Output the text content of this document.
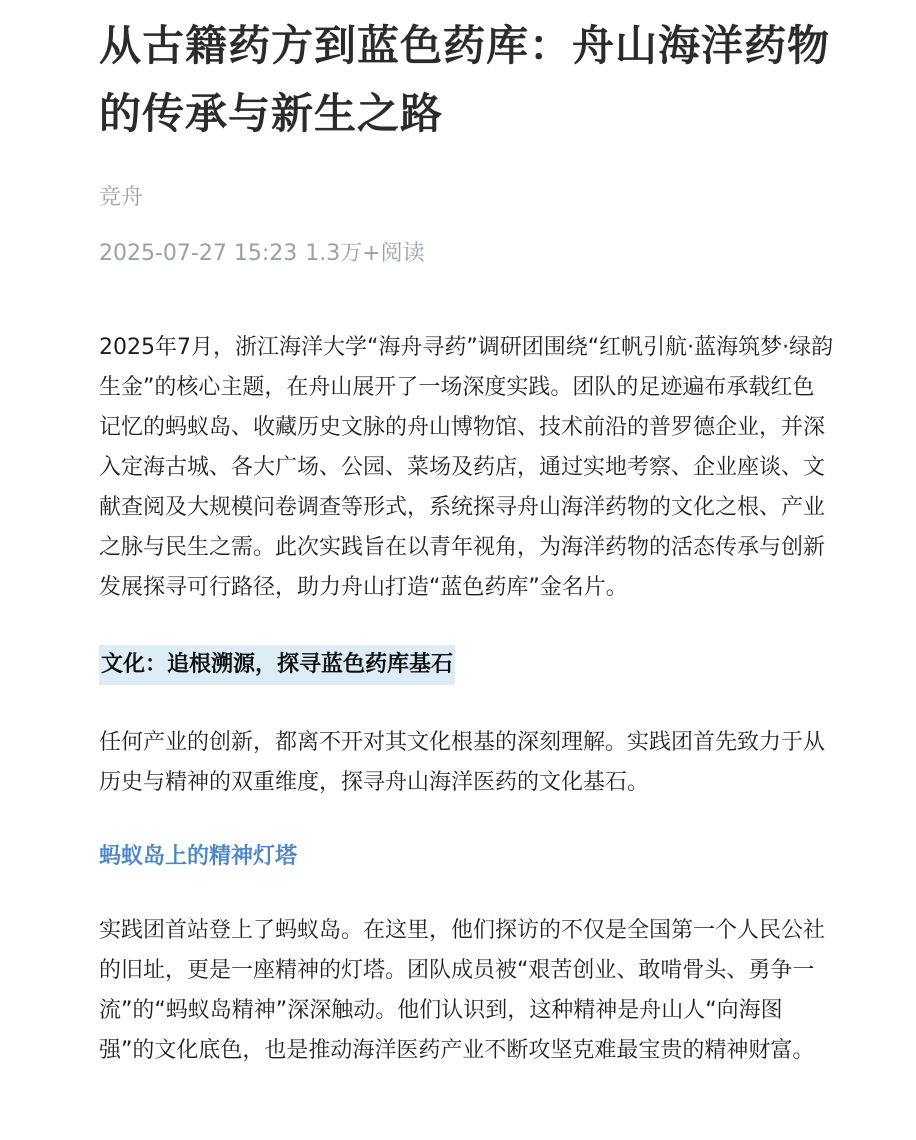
从古籍药方到蓝色药库：舟山海洋药物的传承与新生之路
竞舟
2025-07-27 15:23 1.3万+阅读

2025年7月，浙江海洋大学“海舟寻药”调研团围绕“红帆引航·蓝海筑梦·绿韵生金”的核心主题，在舟山展开了一场深度实践。团队的足迹遍布承载红色记忆的蚂蚁岛、收藏历史文脉的舟山博物馆、技术前沿的普罗德企业，并深入定海古城、各大广场、公园、菜场及药店，通过实地考察、企业座谈、文献查阅及大规模问卷调查等形式，系统探寻舟山海洋药物的文化之根、产业之脉与民生之需。此次实践旨在以青年视角，为海洋药物的活态传承与创新发展探寻可行路径，助力舟山打造“蓝色药库”金名片。

文化：追根溯源，探寻蓝色药库基石

任何产业的创新，都离不开对其文化根基的深刻理解。实践团首先致力于从历史与精神的双重维度，探寻舟山海洋医药的文化基石。

蚂蚁岛上的精神灯塔

实践团首站登上了蚂蚁岛。在这里，他们探访的不仅是全国第一个人民公社的旧址，更是一座精神的灯塔。团队成员被“艰苦创业、敢啃骨头、勇争一流”的“蚂蚁岛精神”深深触动。他们认识到，这种精神是舟山人“向海图强”的文化底色，也是推动海洋医药产业不断攻坚克难最宝贵的精神财富。
